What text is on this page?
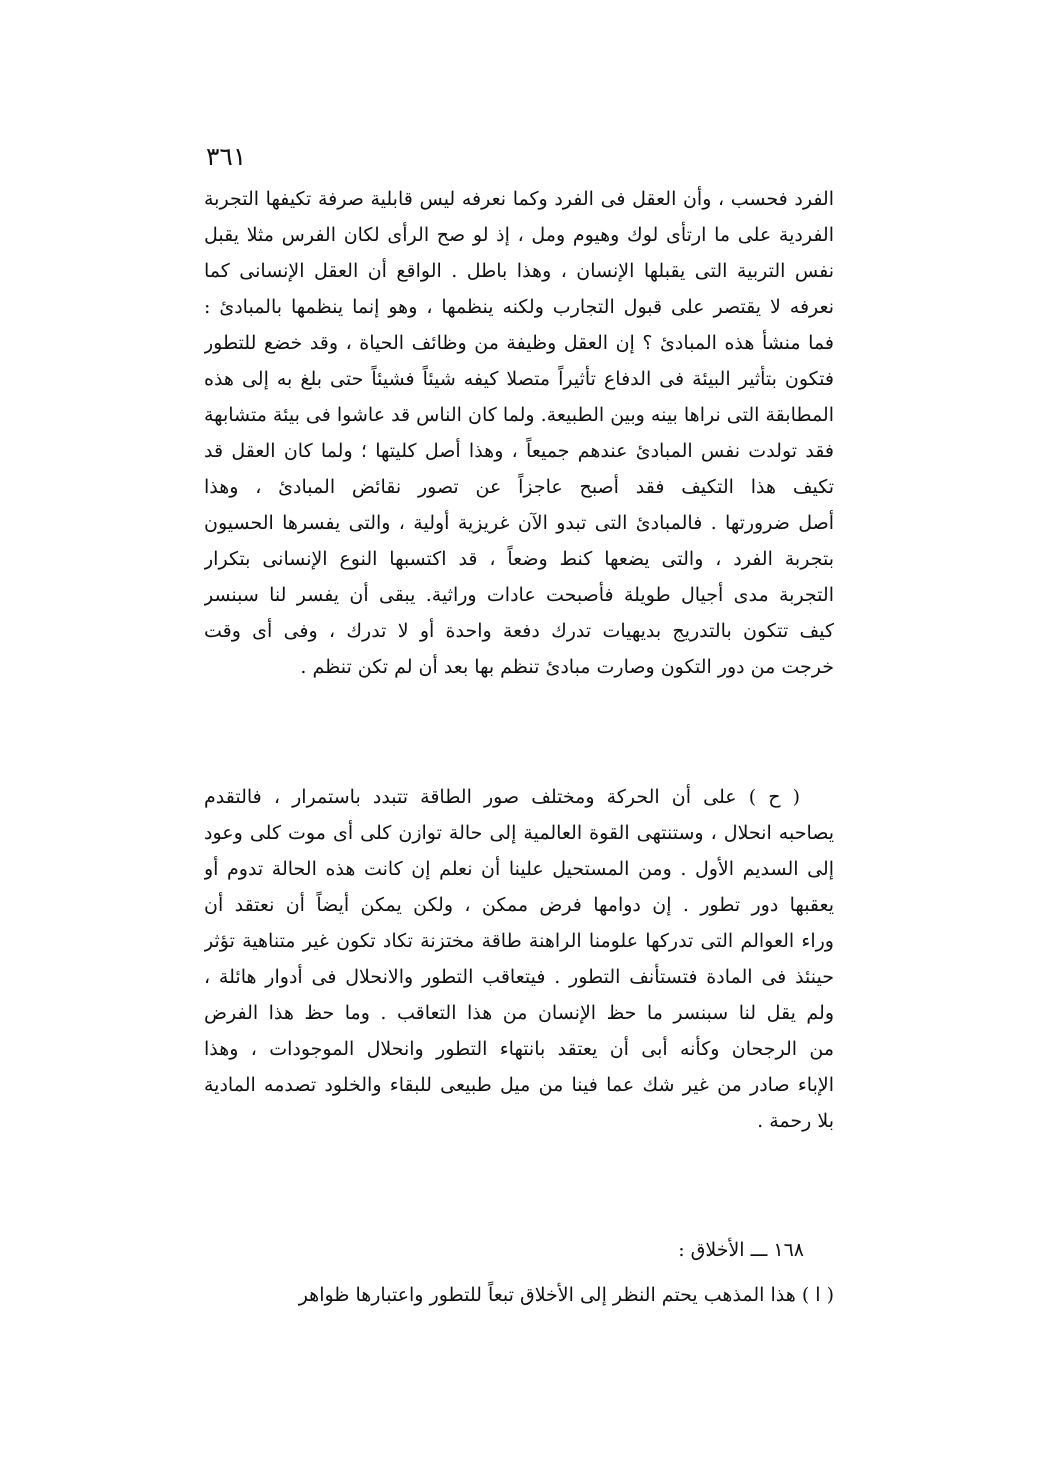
٣٦١
الفرد فحسب ، وأن العقل فى الفرد وكما نعرفه ليس قابلية صرفة تكيفها التجربة
الفردية على ما ارتأى لوك وهيوم ومل ، إذ لو صح الرأى لكان الفرس مثلا يقبل
نفس التربية التى يقبلها الإنسان ، وهذا باطل . الواقع أن العقل الإنسانى كما
نعرفه لا يقتصر على قبول التجارب ولكنه ينظمها ، وهو إنما ينظمها بالمبادئ :
فما منشأ هذه المبادئ ؟ إن العقل وظيفة من وظائف الحياة ، وقد خضع للتطور
فتكون بتأثير البيئة فى الدفاع تأثيراً متصلا كيفه شيئاً فشيئاً حتى بلغ به إلى هذه
المطابقة التى نراها بينه وبين الطبيعة. ولما كان الناس قد عاشوا فى بيئة متشابهة
فقد تولدت نفس المبادئ عندهم جميعاً ، وهذا أصل كليتها ؛ ولما كان العقل قد
تكيف هذا التكيف فقد أصبح عاجزاً عن تصور نقائض المبادئ ، وهذا
أصل ضرورتها . فالمبادئ التى تبدو الآن غريزية أولية ، والتى يفسرها الحسيون
بتجربة الفرد ، والتى يضعها كنط وضعاً ، قد اكتسبها النوع الإنسانى بتكرار
التجربة مدى أجيال طويلة فأصبحت عادات وراثية. يبقى أن يفسر لنا سبنسر
كيف تتكون بالتدريج بديهيات تدرك دفعة واحدة أو لا تدرك ، وفى أى وقت
خرجت من دور التكون وصارت مبادئ تنظم بها بعد أن لم تكن تنظم .
( ح ) على أن الحركة ومختلف صور الطاقة تتبدد باستمرار ، فالتقدم
يصاحبه انحلال ، وستنتهى القوة العالمية إلى حالة توازن كلى أى موت كلى وعود
إلى السديم الأول . ومن المستحيل علينا أن نعلم إن كانت هذه الحالة تدوم أو
يعقبها دور تطور . إن دوامها فرض ممكن ، ولكن يمكن أيضاً أن نعتقد أن
وراء العوالم التى تدركها علومنا الراهنة طاقة مختزنة تكاد تكون غير متناهية تؤثر
حينئذ فى المادة فتستأنف التطور . فيتعاقب التطور والانحلال فى أدوار هائلة ،
ولم يقل لنا سبنسر ما حظ الإنسان من هذا التعاقب . وما حظ هذا الفرض
من الرجحان وكأنه أبى أن يعتقد بانتهاء التطور وانحلال الموجودات ، وهذا
الإباء صادر من غير شك عما فينا من ميل طبيعى للبقاء والخلود تصدمه المادية
بلا رحمة .
١٦٨ ـــ الأخلاق :
( ا ) هذا المذهب يحتم النظر إلى الأخلاق تبعاً للتطور واعتبارها ظواهر
